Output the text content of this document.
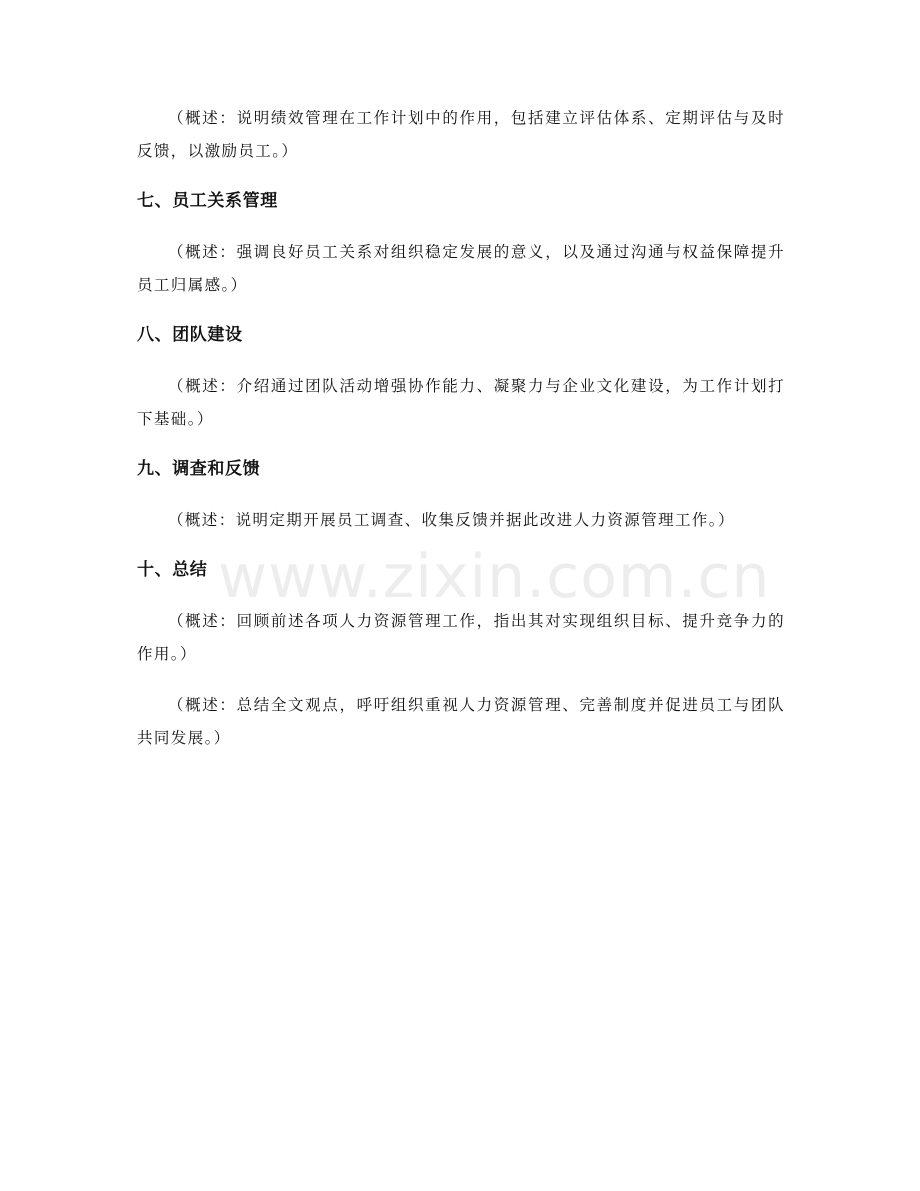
（概述：说明绩效管理在工作计划中的作用，包括建立评估体系、定期评估与及时反馈，以激励员工。）

七、员工关系管理

（概述：强调良好员工关系对组织稳定发展的意义，以及通过沟通与权益保障提升员工归属感。）

八、团队建设

（概述：介绍通过团队活动增强协作能力、凝聚力与企业文化建设，为工作计划打下基础。）

九、调查和反馈

（概述：说明定期开展员工调查、收集反馈并据此改进人力资源管理工作。）

十、总结

（概述：回顾前述各项人力资源管理工作，指出其对实现组织目标、提升竞争力的作用。）

（概述：总结全文观点，呼吁组织重视人力资源管理、完善制度并促进员工与团队共同发展。）

www.zixin.com.cn
